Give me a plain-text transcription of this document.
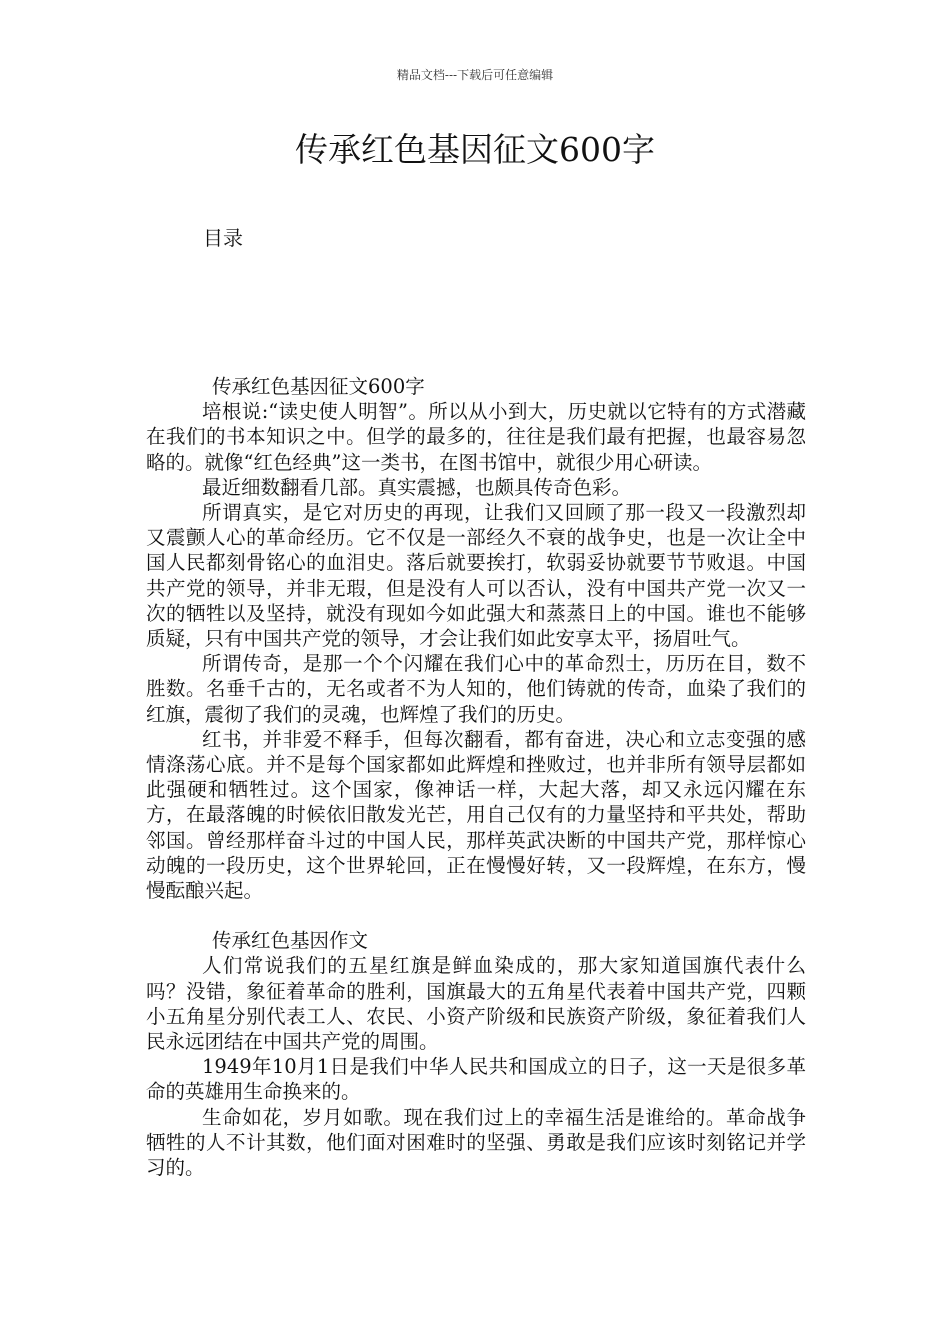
精品文档---下载后可任意编辑
传承红色基因征文600字
目录
传承红色基因征文600字

培根说:“读史使人明智”。所以从小到大，历史就以它特有的方式潜藏在我们的书本知识之中。但学的最多的，往往是我们最有把握，也最容易忽略的。就像“红色经典”这一类书，在图书馆中，就很少用心研读。

最近细数翻看几部。真实震撼，也颇具传奇色彩。

所谓真实，是它对历史的再现，让我们又回顾了那一段又一段激烈却又震颤人心的革命经历。它不仅是一部经久不衰的战争史，也是一次让全中国人民都刻骨铭心的血泪史。落后就要挨打，软弱妥协就要节节败退。中国共产党的领导，并非无瑕，但是没有人可以否认，没有中国共产党一次又一次的牺牲以及坚持，就没有现如今如此强大和蒸蒸日上的中国。谁也不能够质疑，只有中国共产党的领导，才会让我们如此安享太平，扬眉吐气。

所谓传奇，是那一个个闪耀在我们心中的革命烈士，历历在目，数不胜数。名垂千古的，无名或者不为人知的，他们铸就的传奇，血染了我们的红旗，震彻了我们的灵魂，也辉煌了我们的历史。

红书，并非爱不释手，但每次翻看，都有奋进，决心和立志变强的感情涤荡心底。并不是每个国家都如此辉煌和挫败过，也并非所有领导层都如此强硬和牺牲过。这个国家，像神话一样，大起大落，却又永远闪耀在东方，在最落魄的时候依旧散发光芒，用自己仅有的力量坚持和平共处，帮助邻国。曾经那样奋斗过的中国人民，那样英武决断的中国共产党，那样惊心动魄的一段历史，这个世界轮回，正在慢慢好转，又一段辉煌，在东方，慢慢酝酿兴起。

传承红色基因作文

人们常说我们的五星红旗是鲜血染成的，那大家知道国旗代表什么吗？没错，象征着革命的胜利，国旗最大的五角星代表着中国共产党，四颗小五角星分别代表工人、农民、小资产阶级和民族资产阶级，象征着我们人民永远团结在中国共产党的周围。

1949年10月1日是我们中华人民共和国成立的日子，这一天是很多革命的英雄用生命换来的。

生命如花，岁月如歌。现在我们过上的幸福生活是谁给的。革命战争牺牲的人不计其数，他们面对困难时的坚强、勇敢是我们应该时刻铭记并学习的。
